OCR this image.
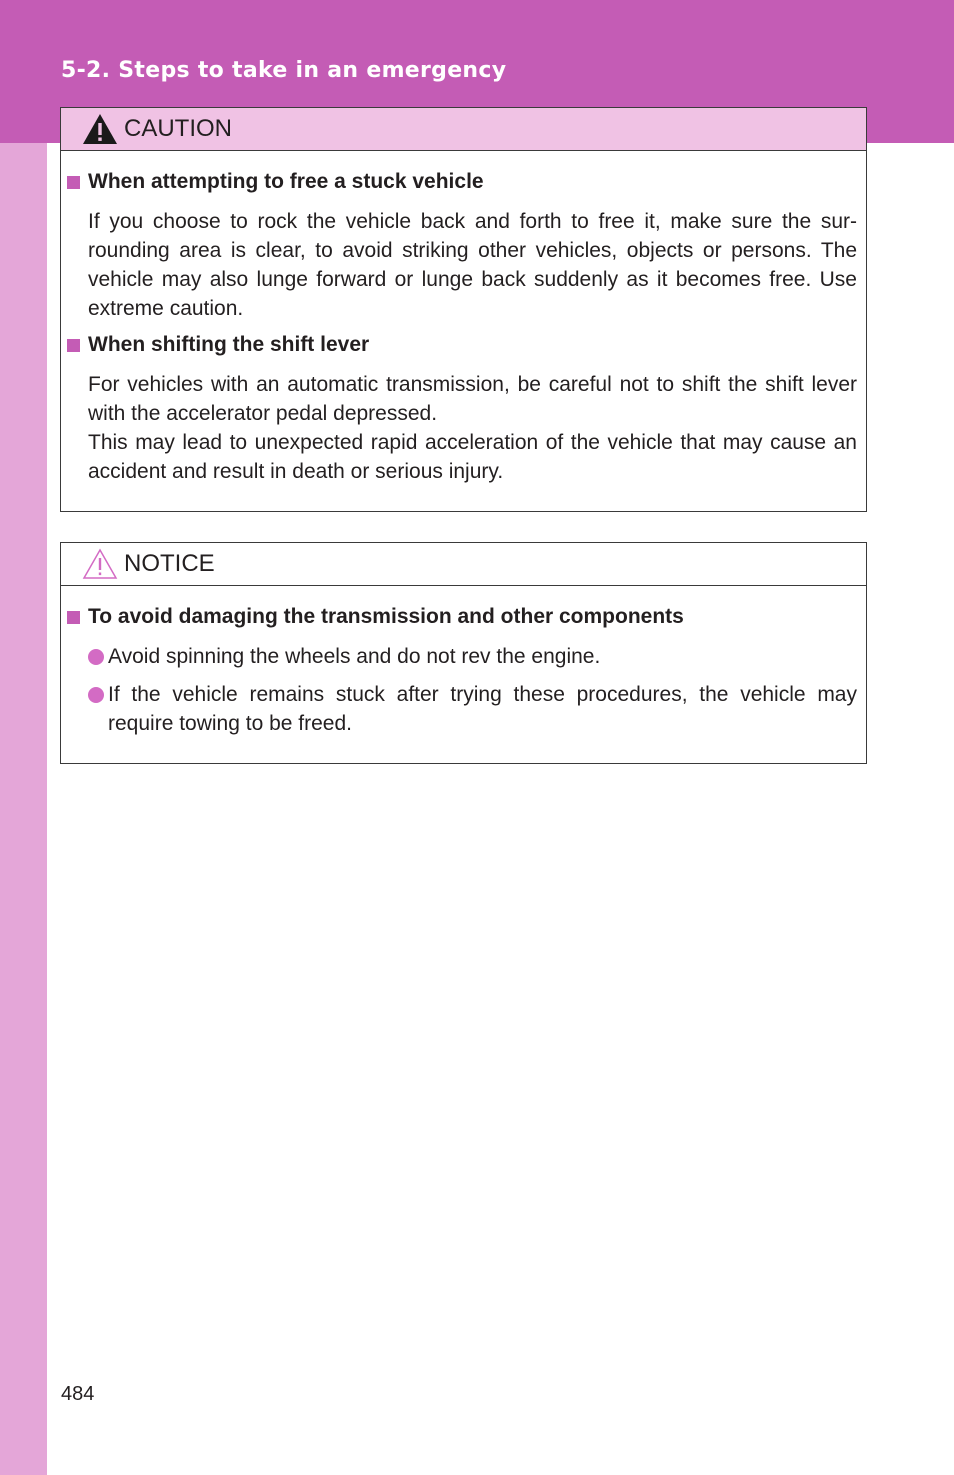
5-2. Steps to take in an emergency
CAUTION
When attempting to free a stuck vehicle

If you choose to rock the vehicle back and forth to free it, make sure the sur-rounding area is clear, to avoid striking other vehicles, objects or persons. The vehicle may also lunge forward or lunge back suddenly as it becomes free. Use extreme caution.

When shifting the shift lever

For vehicles with an automatic transmission, be careful not to shift the shift lever with the accelerator pedal depressed.

This may lead to unexpected rapid acceleration of the vehicle that may cause an accident and result in death or serious injury.

NOTICE
To avoid damaging the transmission and other components
Avoid spinning the wheels and do not rev the engine.
If the vehicle remains stuck after trying these procedures, the vehicle may require towing to be freed.
484
